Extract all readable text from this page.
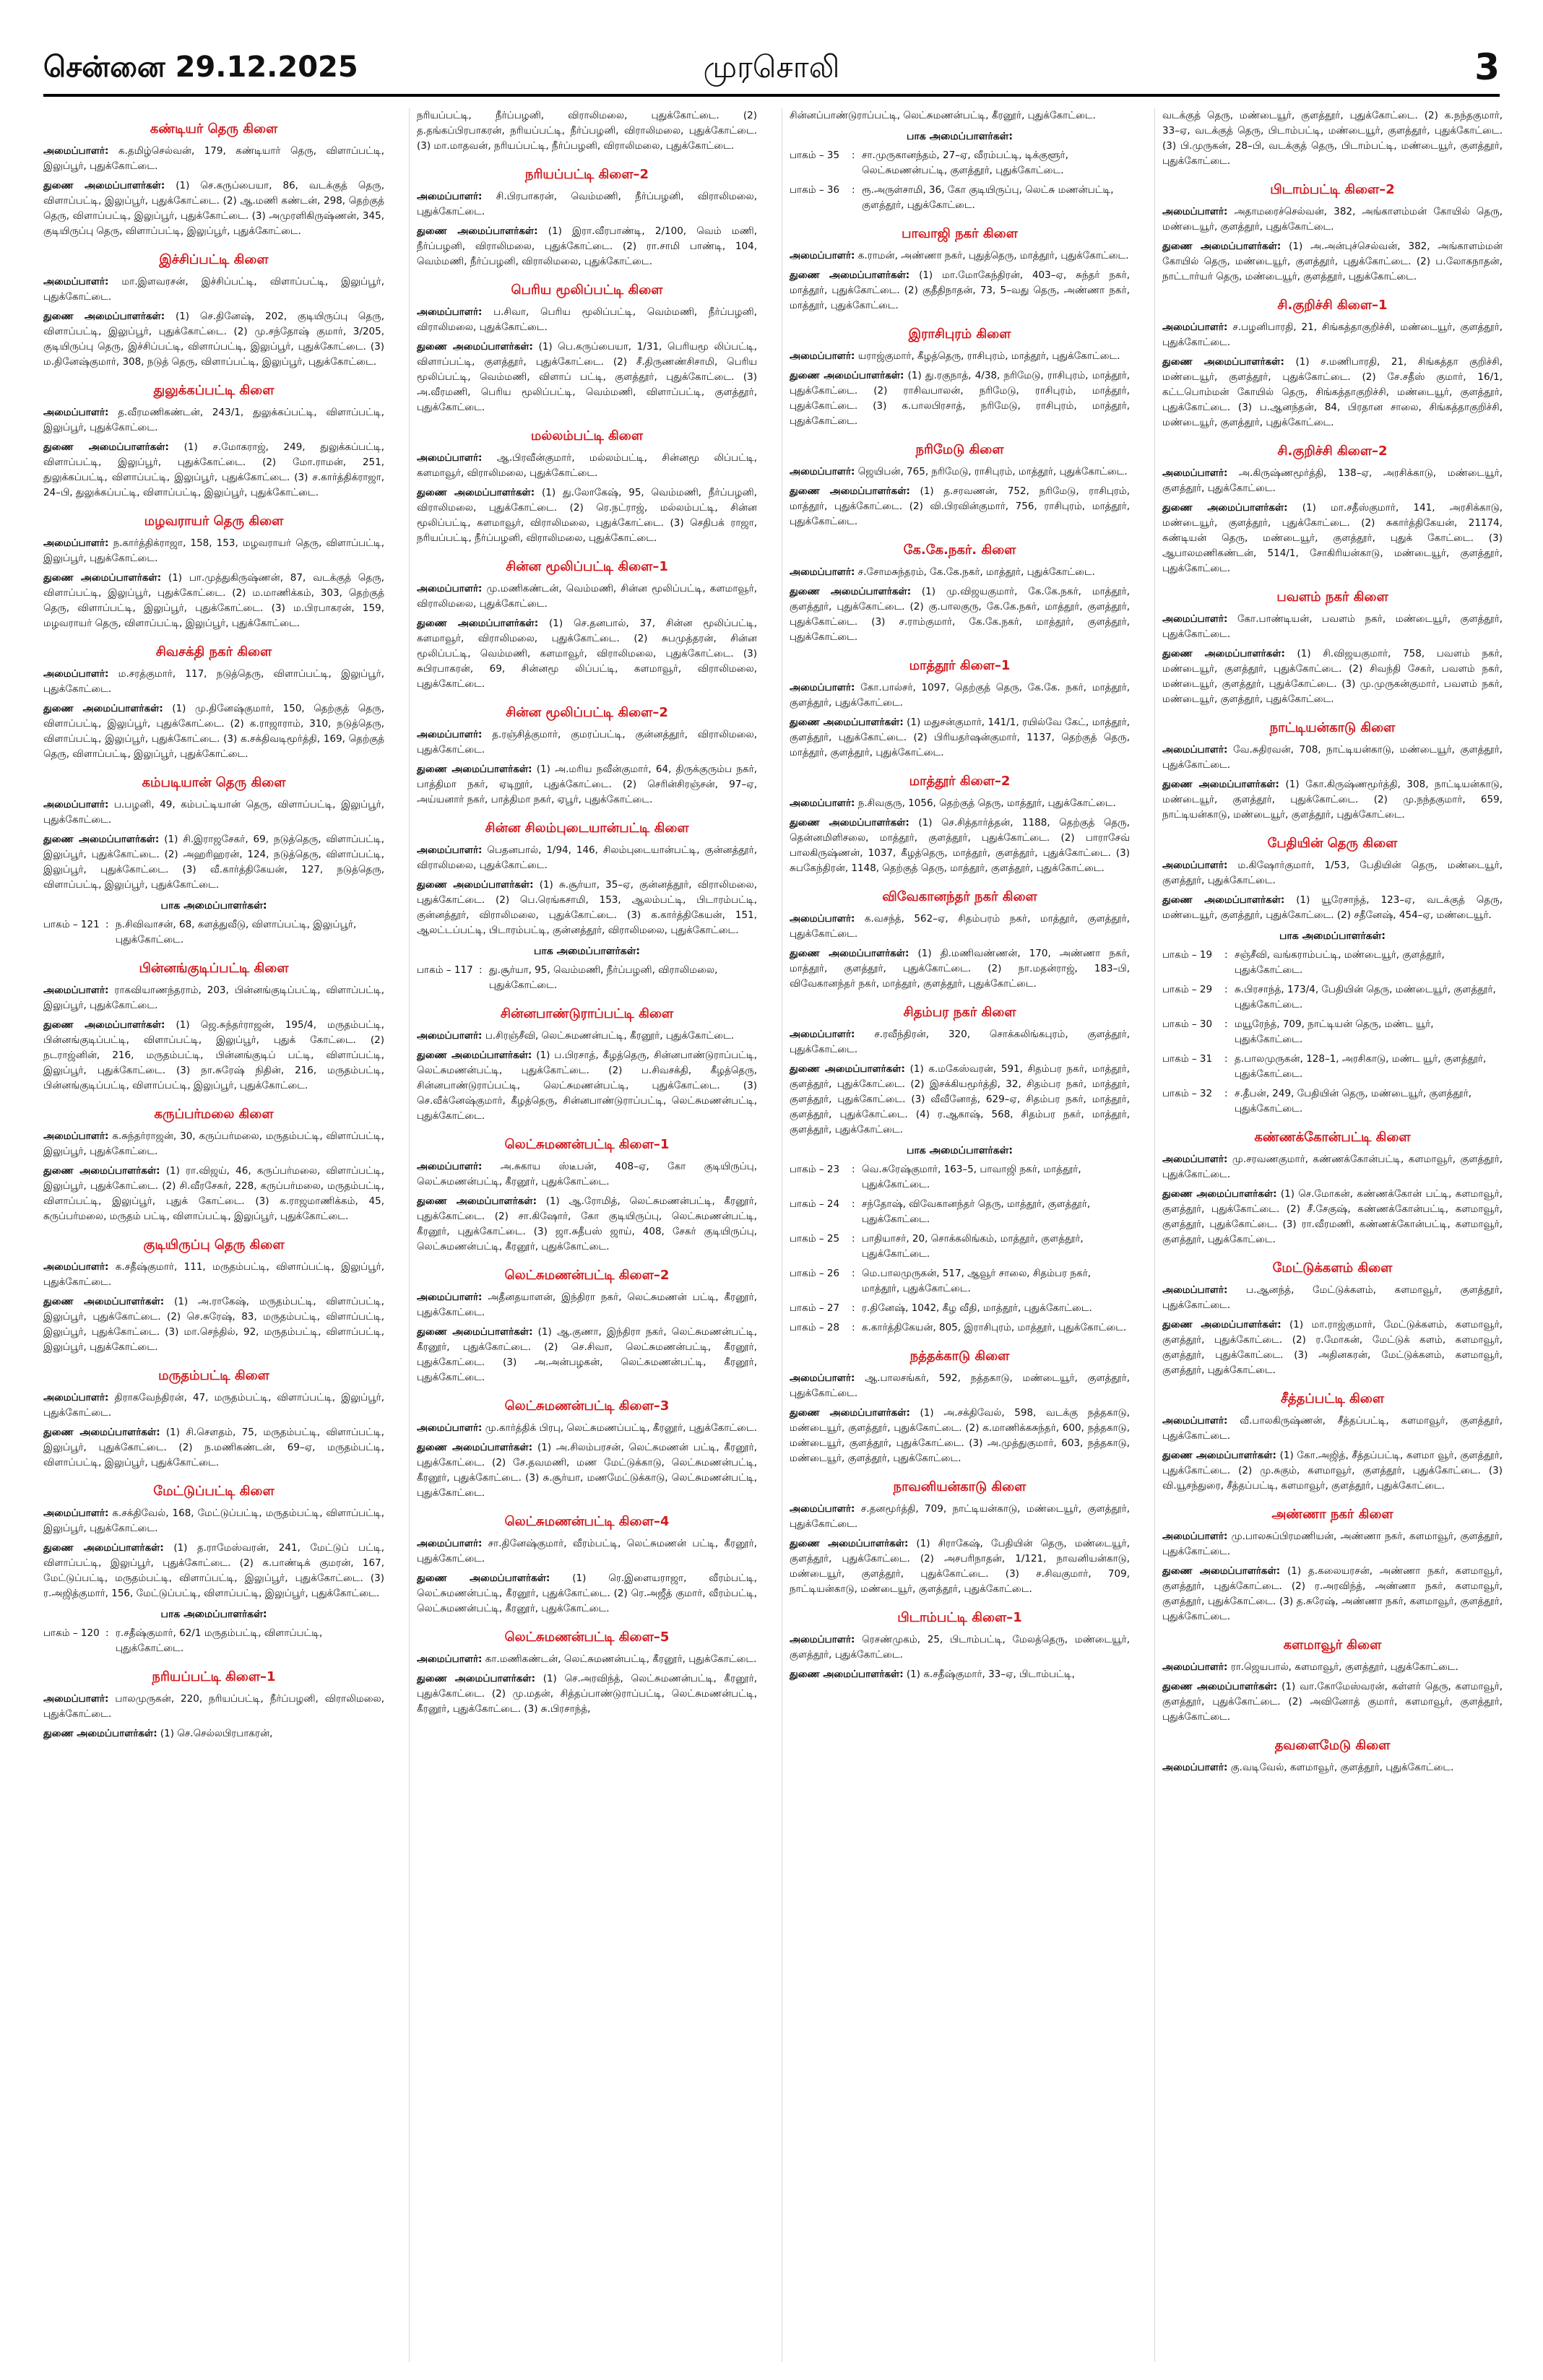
சென்னை 29.12.2025	முரசொலி	3
கண்டியர் தெரு கிளை
அமைப்பாளர்: க.தமிழ்செல்வன், 179, கண்டியார் தெரு, விளாப்பட்டி, இலுப்பூர், புதுக்கோட்டை.
துணை அமைப்பாளர்கள்: (1) செ.கருப்பையா, 86, வடக்குத் தெரு, விளாப்பட்டி, இலுப்பூர், புதுக்கோட்டை. (2) ஆ.மணி கண்டன், 298, தெற்குத் தெரு, விளாப்பட்டி, இலுப்பூர், புதுக்கோட்டை. (3) அமுரளிகிருஷ்ணன், 345, குடியிருப்பு தெரு, விளாப்பட்டி, இலுப்பூர், புதுக்கோட்டை.
இச்சிப்பட்டி கிளை
அமைப்பாளர்: மா.இளவரசன், இச்சிப்பட்டி, விளாப்பட்டி, இலுப்பூர், புதுக்கோட்டை.
துணை அமைப்பாளர்கள்: (1) செ.தினேஷ், 202, குடியிருப்பு தெரு, விளாப்பட்டி, இலுப்பூர், புதுக்கோட்டை. (2) மு.சந்தோஷ் குமார், 3/205, குடியிருப்பு தெரு, இச்சிப்பட்டி, விளாப்பட்டி, இலுப்பூர், புதுக்கோட்டை. (3) ம.தினேஷ்குமார், 308, நடுத் தெரு, விளாப்பட்டி, இலுப்பூர், புதுக்கோட்டை.
துலுக்கப்பட்டி கிளை
அமைப்பாளர்: த.வீரமணிகண்டன், 243/1, துலுக்கப்பட்டி, விளாப்பட்டி, இலுப்பூர், புதுக்கோட்டை.
துணை அமைப்பாளர்கள்: (1) ச.மோகராஜ், 249, துலுக்கப்பட்டி, விளாப்பட்டி, இலுப்பூர், புதுக்கோட்டை. (2) மோ.ராமன், 251, துலுக்கப்பட்டி, விளாப்பட்டி, இலுப்பூர், புதுக்கோட்டை. (3) ச.கார்த்திக்ராஜா, 24–பி, துலுக்கப்பட்டி, விளாப்பட்டி, இலுப்பூர், புதுக்கோட்டை.
மழவராயர் தெரு கிளை
அமைப்பாளர்: ந.கார்த்திக்ராஜா, 158, 153, மழவராயர் தெரு, விளாப்பட்டி, இலுப்பூர், புதுக்கோட்டை.
துணை அமைப்பாளர்கள்: (1) பா.முத்துகிருஷ்ணன், 87, வடக்குத் தெரு, விளாப்பட்டி, இலுப்பூர், புதுக்கோட்டை. (2) ம.மாணிக்கம், 303, தெற்குத் தெரு, விளாப்பட்டி, இலுப்பூர், புதுக்கோட்டை. (3) ம.பிரபாகரன், 159, மழவராயர் தெரு, விளாப்பட்டி, இலுப்பூர், புதுக்கோட்டை.
சிவசக்தி நகர் கிளை
அமைப்பாளர்: ம.சரத்குமார், 117, நடுத்தெரு, விளாப்பட்டி, இலுப்பூர், புதுக்கோட்டை.
துணை அமைப்பாளர்கள்: (1) மு.தினேஷ்குமார், 150, தெற்குத் தெரு, விளாப்பட்டி, இலுப்பூர், புதுக்கோட்டை. (2) க.ராஜாராம், 310, நடுத்தெரு, விளாப்பட்டி, இலுப்பூர், புதுக்கோட்டை. (3) க.சக்திவடிமூர்த்தி, 169, தெற்குத் தெரு, விளாப்பட்டி, இலுப்பூர், புதுக்கோட்டை.
கம்படியான் தெரு கிளை
அமைப்பாளர்: ப.பழனி, 49, கம்பட்டியான் தெரு, விளாப்பட்டி, இலுப்பூர், புதுக்கோட்டை.
துணை அமைப்பாளர்கள்: (1) சி.இராஜசேகர், 69, நடுத்தெரு, விளாப்பட்டி, இலுப்பூர், புதுக்கோட்டை. (2) அஹரிஹரன், 124, நடுத்தெரு, விளாப்பட்டி, இலுப்பூர், புதுக்கோட்டை. (3) வீ.கார்த்திகேயன், 127, நடுத்தெரு, விளாப்பட்டி, இலுப்பூர், புதுக்கோட்டை.
பாக அமைப்பாளர்கள்:
பாகம் – 121 : ந.சிவிவாசன், 68, களத்துவீடு, விளாப்பட்டி, இலுப்பூர், புதுக்கோட்டை.
பின்னங்குடிப்பட்டி கிளை
அமைப்பாளர்: ராகவியாணந்தராம், 203, பின்னங்குடிப்பட்டி, விளாப்பட்டி, இலுப்பூர், புதுக்கோட்டை.
துணை அமைப்பாளர்கள்: (1) ஜெ.சுந்தர்ராஜன், 195/4, மருதம்பட்டி, பின்னங்குடிப்பட்டி, விளாப்பட்டி, இலுப்பூர், புதுக் கோட்டை. (2) நடராஜ்னின், 216, மருதம்பட்டி, பின்னங்குடிப் பட்டி, விளாப்பட்டி, இலுப்பூர், புதுக்கோட்டை. (3) நா.சுரேஷ் நிதின், 216, மருதம்பட்டி, பின்னங்குடிப்பட்டி, விளாப்பட்டி, இலுப்பூர், புதுக்கோட்டை.
கருப்பர்மலை கிளை
அமைப்பாளர்: க.சுந்தர்ராஜன், 30, கருப்பர்மலை, மருதம்பட்டி, விளாப்பட்டி, இலுப்பூர், புதுக்கோட்டை.
துணை அமைப்பாளர்கள்: (1) ரா.விஜய், 46, கருப்பர்மலை, விளாப்பட்டி, இலுப்பூர், புதுக்கோட்டை. (2) சி.வீரசேகர், 228, கருப்பர்மலை, மருதம்பட்டி, விளாப்பட்டி, இலுப்பூர், புதுக் கோட்டை. (3) க.ராஜமாணிக்கம், 45, கருப்பர்மலை, மருதம் பட்டி, விளாப்பட்டி, இலுப்பூர், புதுக்கோட்டை.
குடியிருப்பு தெரு கிளை
அமைப்பாளர்: க.சதீஷ்குமார், 111, மருதம்பட்டி, விளாப்பட்டி, இலுப்பூர், புதுக்கோட்டை.
துணை அமைப்பாளர்கள்: (1) அ.ராகேஷ், மருதம்பட்டி, விளாப்பட்டி, இலுப்பூர், புதுக்கோட்டை. (2) செ.சுரேஷ், 83, மருதம்பட்டி, விளாப்பட்டி, இலுப்பூர், புதுக்கோட்டை. (3) மா.செந்தில், 92, மருதம்பட்டி, விளாப்பட்டி, இலுப்பூர், புதுக்கோட்டை.
மருதம்பட்டி கிளை
அமைப்பாளர்: திராகவேந்திரன், 47, மருதம்பட்டி, விளாப்பட்டி, இலுப்பூர், புதுக்கோட்டை.
துணை அமைப்பாளர்கள்: (1) சி.செளதம், 75, மருதம்பட்டி, விளாப்பட்டி, இலுப்பூர், புதுக்கோட்டை. (2) ந.மணிகண்டன், 69–ஏ, மருதம்பட்டி, விளாப்பட்டி, இலுப்பூர், புதுக்கோட்டை.
மேட்டுப்பட்டி கிளை
அமைப்பாளர்: க.சக்திவேல், 168, மேட்டுப்பட்டி, மருதம்பட்டி, விளாப்பட்டி, இலுப்பூர், புதுக்கோட்டை.
துணை அமைப்பாளர்கள்: (1) த.ராமேஸ்வரன், 241, மேட்டுப் பட்டி, விளாப்பட்டி, இலுப்பூர், புதுக்கோட்டை. (2) க.பாண்டிக் குமரன், 167, மேட்டுப்பட்டி, மருதம்பட்டி, விளாப்பட்டி, இலுப்பூர், புதுக்கோட்டை. (3) ர.அஜித்குமார், 156, மேட்டுப்பட்டி, விளாப்பட்டி, இலுப்பூர், புதுக்கோட்டை.
பாக அமைப்பாளர்கள்:
பாகம் – 120 : ர.சதீஷ்குமார், 62/1 மருதம்பட்டி, விளாப்பட்டி, புதுக்கோட்டை.
நரியப்பட்டி கிளை–1
அமைப்பாளர்: பாலமுருகன், 220, நரியப்பட்டி, நீர்ப்பழனி, விராலிமலை, புதுக்கோட்டை.
துணை அமைப்பாளர்கள்: (1) செ.செல்லபிரபாகரன்,
நரியப்பட்டி, நீர்ப்பழனி, விராலிமலை, புதுக்கோட்டை. (2) த.தங்கப்பிரபாகரன், நரியப்பட்டி, நீர்ப்பழனி, விராலிமலை, புதுக்கோட்டை. (3) மா.மாதவன், நரியப்பட்டி, நீர்ப்பழனி, விராலிமலை, புதுக்கோட்டை.
நரியப்பட்டி கிளை–2
அமைப்பாளர்: சி.பிரபாகரன், வெம்மணி, நீர்ப்பழனி, விராலிமலை, புதுக்கோட்டை.
துணை அமைப்பாளர்கள்: (1) இரா.வீரபாண்டி, 2/100, வெம் மணி, நீர்ப்பழனி, விராலிமலை, புதுக்கோட்டை. (2) ரா.சாமி பாண்டி, 104, வெம்மணி, நீர்ப்பழனி, விராலிமலை, புதுக்கோட்டை.
பெரிய மூலிப்பட்டி கிளை
அமைப்பாளர்: ப.சிவா, பெரிய மூலிப்பட்டி, வெம்மணி, நீர்ப்பழனி, விராலிமலை, புதுக்கோட்டை.
துணை அமைப்பாளர்கள்: (1) பெ.கருப்பையா, 1/31, பெரியமூ லிப்பட்டி, விளாப்பட்டி, குளத்தூர், புதுக்கோட்டை. (2) சீ.திருணண்சிசாமி, பெரிய மூலிப்பட்டி, வெம்மணி, விளாப் பட்டி, குளத்தூர், புதுக்கோட்டை. (3) அ.வீரமணி, பெரிய மூலிப்பட்டி, வெம்மணி, விளாப்பட்டி, குளத்தூர், புதுக்கோட்டை.
மல்லம்பட்டி கிளை
அமைப்பாளர்: ஆ.பிரவீன்குமார், மல்லம்பட்டி, சின்னமூ லிப்பட்டி, களமாவூர், விராலிமலை, புதுக்கோட்டை.
துணை அமைப்பாளர்கள்: (1) து.லோகேஷ், 95, வெம்மணி, நீர்ப்பழனி, விராலிமலை, புதுக்கோட்டை. (2) ரெ.நட்ராஜ், மல்லம்பட்டி, சின்ன மூலிப்பட்டி, களமாவூர், விராலிமலை, புதுக்கோட்டை. (3) செதிபக் ராஜா, நரியப்பட்டி, நீர்ப்பழனி, விராலிமலை, புதுக்கோட்டை.
சின்ன மூலிப்பட்டி கிளை–1
அமைப்பாளர்: மு.மணிகண்டன், வெம்மணி, சின்ன மூலிப்பட்டி, களமாவூர், விராலிமலை, புதுக்கோட்டை.
துணை அமைப்பாளர்கள்: (1) செ.தனபால், 37, சின்ன மூலிப்பட்டி, களமாவூர், விராலிமலை, புதுக்கோட்டை. (2) சுபமுத்தரன், சின்ன மூலிப்பட்டி, வெம்மணி, களமாவூர், விராலிமலை, புதுக்கோட்டை. (3) சுபிரபாகரன், 69, சின்னமூ லிப்பட்டி, களமாவூர், விராலிமலை, புதுக்கோட்டை.
சின்ன மூலிப்பட்டி கிளை–2
அமைப்பாளர்: த.ரஞ்சித்குமார், குமரப்பட்டி, குன்னத்தூர், விராலிமலை, புதுக்கோட்டை.
துணை அமைப்பாளர்கள்: (1) அ.மரிய நவீன்குமார், 64, திருக்குரும்ப நகர், பாத்திமா நகர், ஏடிறூர், புதுக்கோட்டை. (2) செரின்சிரஞ்சன், 97–ஏ, அய்யனார் நகர், பாத்திமா நகர், ஏபூர், புதுக்கோட்டை.
சின்ன சிலம்புடையான்பட்டி கிளை
அமைப்பாளர்: பெதனபால், 1/94, 146, சிலம்புடையான்பட்டி, குன்னத்தூர், விராலிமலை, புதுக்கோட்டை.
துணை அமைப்பாளர்கள்: (1) சு.சூர்யா, 35–ஏ, குன்னத்தூர், விராலிமலை, புதுக்கோட்டை. (2) பெ.ரெங்கசாமி, 153, ஆலம்பட்டி, பிடாரம்பட்டி, குன்னத்தூர், விராலிமலை, புதுக்கோட்டை. (3) க.கார்த்திகேயன், 151, ஆலட்டப்பட்டி, பிடாரம்பட்டி, குன்னத்தூர், விராலிமலை, புதுக்கோட்டை.
பாக அமைப்பாளர்கள்:
பாகம் – 117 : து.சூர்யா, 95, வெம்மணி, நீர்ப்பழனி, விராலிமலை, புதுக்கோட்டை.
சின்னபாண்டுராப்பட்டி கிளை
அமைப்பாளர்: ப.சிரஞ்சீவி, லெட்சுமணன்பட்டி, கீரனூர், புதுக்கோட்டை.
துணை அமைப்பாளர்கள்: (1) ப.பிரசாத், கீழத்தெரு, சின்னபாண்டுராப்பட்டி, லெட்சுமணன்பட்டி, புதுக்கோட்டை. (2) ப.சிவசக்தி, கீழத்தெரு, சின்னபாண்டுராப்பட்டி, லெட்சுமணன்பட்டி, புதுக்கோட்டை. (3) செ.வீக்னேஷ்குமார், கீழத்தெரு, சின்னபாண்டுராப்பட்டி, லெட்சுமணன்பட்டி, புதுக்கோட்டை.
லெட்சுமணன்பட்டி கிளை–1
அமைப்பாளர்: அ.சுகாய ஸ்டீபன், 408–ஏ, கோ குடியிருப்பு, லெட்சுமணன்பட்டி, கீரனூர், புதுக்கோட்டை.
துணை அமைப்பாளர்கள்: (1) ஆ.ரோமித், லெட்சுமணன்பட்டி, கீரனூர், புதுக்கோட்டை. (2) சா.கிஷோர், கோ குடியிருப்பு, லெட்சுமணன்பட்டி, கீரனூர், புதுக்கோட்டை. (3) ஜா.சுதீபஸ் ஜாய், 408, சேகர் குடியிருப்பு, லெட்சுமணன்பட்டி, கீரனூர், புதுக்கோட்டை.
லெட்சுமணன்பட்டி கிளை–2
அமைப்பாளர்: அதீனதயாளன், இந்திரா நகர், லெட்சுமணன் பட்டி, கீரனூர், புதுக்கோட்டை.
துணை அமைப்பாளர்கள்: (1) ஆ.குணா, இந்திரா நகர், லெட்சுமணன்பட்டி, கீரனூர், புதுக்கோட்டை. (2) செ.சிவா, லெட்சுமணன்பட்டி, கீரனூர், புதுக்கோட்டை. (3) அ.அன்பழகன், லெட்சுமணன்பட்டி, கீரனூர், புதுக்கோட்டை.
லெட்சுமணன்பட்டி கிளை–3
அமைப்பாளர்: மு.கார்த்திக் பிரபு, லெட்சுமணப்பட்டி, கீரனூர், புதுக்கோட்டை.
துணை அமைப்பாளர்கள்: (1) அ.சிலம்பரசன், லெட்சுமணன் பட்டி, கீரனூர், புதுக்கோட்டை. (2) சே.தவமணி, மண மேட்டுக்காடு, லெட்சுமணன்பட்டி, கீரனூர், புதுக்கோட்டை. (3) சு.சூர்யா, மணமேட்டுக்காடு, லெட்சுமணன்பட்டி, புதுக்கோட்டை.
லெட்சுமணன்பட்டி கிளை–4
அமைப்பாளர்: சா.தினேஷ்குமார், வீரம்பட்டி, லெட்சுமணன் பட்டி, கீரனூர், புதுக்கோட்டை.
துணை அமைப்பாளர்கள்: (1) ரெ.இளையராஜா, வீரம்பட்டி, லெட்சுமணன்பட்டி, கீரனூர், புதுக்கோட்டை. (2) ரெ.அஜீத் குமார், வீரம்பட்டி, லெட்சுமணன்பட்டி, கீரனூர், புதுக்கோட்டை.
லெட்சுமணன்பட்டி கிளை–5
அமைப்பாளர்: கா.மணிகண்டன், லெட்சுமணன்பட்டி, கீரனூர், புதுக்கோட்டை.
துணை அமைப்பாளர்கள்: (1) செ.அரவிந்த், லெட்சுமணன்பட்டி, கீரனூர், புதுக்கோட்டை. (2) மு.மதன், சித்தப்பாண்டுராப்பட்டி, லெட்சுமணன்பட்டி, கீரனூர், புதுக்கோட்டை. (3) சு.பிரசாந்த்,
சின்னப்பாண்டுராப்பட்டி, லெட்சுமணன்பட்டி, கீரனூர், புதுக்கோட்டை.
பாக அமைப்பாளர்கள்:
பாகம் – 35	: சா.முருகானந்தம், 27–ஏ, வீரம்பட்டி, டிக்குளூர், லெட்சுமணன்பட்டி, குளத்தூர், புதுக்கோட்டை.
பாகம் – 36	: ரூ.அருள்சாமி, 36, கோ குடியிருப்பு, லெட்சு மணன்பட்டி, குளத்தூர், புதுக்கோட்டை.
பாவாஜி நகர் கிளை
அமைப்பாளர்: க.ராமன், அண்ணா நகர், புதுத்தெரு, மாத்தூர், புதுக்கோட்டை.
துணை அமைப்பாளர்கள்: (1) மா.மோகேந்திரன், 403–ஏ, சுந்தர் நகர், மாத்தூர், புதுக்கோட்டை. (2) குதீதிநாதன், 73, 5–வது தெரு, அண்ணா நகர், மாத்தூர், புதுக்கோட்டை.
இராசிபுரம் கிளை
அமைப்பாளர்: யராஜ்குமார், கீழத்தெரு, ராசிபுரம், மாத்தூர், புதுக்கோட்டை.
துணை அமைப்பாளர்கள்: (1) து.ரகுநாத், 4/38, நரிமேடு, ராசிபுரம், மாத்தூர், புதுக்கோட்டை. (2) ராசிவபாலன், நரிமேடு, ராசிபுரம், மாத்தூர், புதுக்கோட்டை. (3) க.பாலபிரசாத், நரிமேடு, ராசிபுரம், மாத்தூர், புதுக்கோட்டை.
நரிமேடு கிளை
அமைப்பாளர்: ஜெயிபன், 765, நரிமேடு, ராசிபுரம், மாத்தூர், புதுக்கோட்டை.
துணை அமைப்பாளர்கள்: (1) த.சரவணன், 752, நரிமேடு, ராசிபுரம், மாத்தூர், புதுக்கோட்டை. (2) வி.பிரவின்குமார், 756, ராசிபுரம், மாத்தூர், புதுக்கோட்டை.
கே.கே.நகர். கிளை
அமைப்பாளர்: ச.சோமசுந்தரம், கே.கே.நகர், மாத்தூர், புதுக்கோட்டை.
துணை அமைப்பாளர்கள்: (1) மு.விஜயகுமார், கே.கே.நகர், மாத்தூர், குளத்தூர், புதுக்கோட்டை. (2) கு.பாலகுரு, கே.கே.நகர், மாத்தூர், குளத்தூர், புதுக்கோட்டை. (3) ச.ராம்குமார், கே.கே.நகர், மாத்தூர், குளத்தூர், புதுக்கோட்டை.
மாத்தூர் கிளை–1
அமைப்பாளர்: கோ.பால்சர், 1097, தெற்குத் தெரு, கே.கே. நகர், மாத்தூர், குளத்தூர், புதுக்கோட்டை.
துணை அமைப்பாளர்கள்: (1) மதுசன்குமார், 141/1, ரயில்வே கேட், மாத்தூர், குளத்தூர், புதுக்கோட்டை. (2) பிரியதர்ஷன்குமார், 1137, தெற்குத் தெரு, மாத்தூர், குளத்தூர், புதுக்கோட்டை.
மாத்தூர் கிளை–2
அமைப்பாளர்: ந.சிவகுரு, 1056, தெற்குத் தெரு, மாத்தூர், புதுக்கோட்டை.
துணை அமைப்பாளர்கள்: (1) செ.சித்தார்த்தன், 1188, தெற்குத் தெரு, தென்னமிளிசலை, மாத்தூர், குளத்தூர், புதுக்கோட்டை. (2) பாராசேவ் பாலகிருஷ்ணன், 1037, கீழத்தெரு, மாத்தூர், குளத்தூர், புதுக்கோட்டை. (3) சுபகேந்திரன், 1148, தெற்குத் தெரு, மாத்தூர், குளத்தூர், புதுக்கோட்டை.
விவேகானந்தர் நகர் கிளை
அமைப்பாளர்: க.வசந்த், 562–ஏ, சிதம்பரம் நகர், மாத்தூர், குளத்தூர், புதுக்கோட்டை.
துணை அமைப்பாளர்கள்: (1) தி.மணிவண்ணன், 170, அண்ணா நகர், மாத்தூர், குளத்தூர், புதுக்கோட்டை. (2) நா.மதன்ராஜ், 183–பி, விவேகானந்தர் நகர், மாத்தூர், குளத்தூர், புதுக்கோட்டை.
சிதம்பர நகர் கிளை
அமைப்பாளர்: ச.ரவீந்திரன், 320, சொக்கலிங்கபுரம், குளத்தூர், புதுக்கோட்டை.
துணை அமைப்பாளர்கள்: (1) க.மகேஸ்வரன், 591, சிதம்பர நகர், மாத்தூர், குளத்தூர், புதுக்கோட்டை. (2) இசக்கியமூர்த்தி, 32, சிதம்பர நகர், மாத்தூர், குளத்தூர், புதுக்கோட்டை. (3) வீவீனோத், 629–ஏ, சிதம்பர நகர், மாத்தூர், குளத்தூர், புதுக்கோட்டை. (4) ர.ஆகாஷ், 568, சிதம்பர நகர், மாத்தூர், குளத்தூர், புதுக்கோட்டை.
பாக அமைப்பாளர்கள்:
பாகம் – 23	: வெ.சுரேஷ்குமார், 163–5, பாவாஜி நகர், மாத்தூர், புதுக்கோட்டை.
பாகம் – 24	: சந்தோஷ், விவேகானந்தர் தெரு, மாத்தூர், குளத்தூர், புதுக்கோட்டை.
பாகம் – 25	: பாதியாசர், 20, சொக்கலிங்கம், மாத்தூர், குளத்தூர், புதுக்கோட்டை.
பாகம் – 26	: மெ.பாலமுருகன், 517, ஆவூர் சாலை, சிதம்பர நகர், மாத்தூர், புதுக்கோட்டை.
பாகம் – 27	: ர.தினேஷ், 1042, கீழ வீதி, மாத்தூர், புதுக்கோட்டை.
பாகம் – 28	: க.கார்த்திகேயன், 805, இராசிபுரம், மாத்தூர், புதுக்கோட்டை.
நத்தக்காடு கிளை
அமைப்பாளர்: ஆ.பாலசங்கர், 592, நத்தகாடு, மண்டையூர், குளத்தூர், புதுக்கோட்டை.
துணை அமைப்பாளர்கள்: (1) அ.சக்திவேல், 598, வடக்கு நத்தகாடு, மண்டையூர், குளத்தூர், புதுக்கோட்டை. (2) க.மாணிக்கசுந்தர், 600, நத்தகாடு, மண்டையூர், குளத்தூர், புதுக்கோட்டை. (3) அ.முத்துகுமார், 603, நத்தகாடு, மண்டையூர், குளத்தூர், புதுக்கோட்டை.
நாவனியன்காடு கிளை
அமைப்பாளர்: ச.தனமூர்த்தி, 709, நாட்டியன்காடு, மண்டையூர், குளத்தூர், புதுக்கோட்டை.
துணை அமைப்பாளர்கள்: (1) சிராகேஷ், பேதியின் தெரு, மண்டையூர், குளத்தூர், புதுக்கோட்டை. (2) அசபரிநாதன், 1/121, நாவனியன்காடு, மண்டையூர், குளத்தூர், புதுக்கோட்டை. (3) ச.சிவகுமார், 709, நாட்டியன்காடு, மண்டையூர், குளத்தூர், புதுக்கோட்டை.
பிடாம்பட்டி கிளை–1
அமைப்பாளர்: ரெசண்முகம், 25, பிடாம்பட்டி, மேலத்தெரு, மண்டையூர், குளத்தூர், புதுக்கோட்டை.
துணை அமைப்பாளர்கள்: (1) க.சதீஷ்குமார், 33–ஏ, பிடாம்பட்டி,
வடக்குத் தெரு, மண்டையூர், குளத்தூர், புதுக்கோட்டை. (2) க.நந்தகுமார், 33–ஏ, வடக்குத் தெரு, பிடாம்பட்டி, மண்டையூர், குளத்தூர், புதுக்கோட்டை. (3) பி.முருகன், 28–பி, வடக்குத் தெரு, பிடாம்பட்டி, மண்டையூர், குளத்தூர், புதுக்கோட்டை.
பிடாம்பட்டி கிளை–2
அமைப்பாளர்: அதாமரைச்செல்வன், 382, அங்காளம்மன் கோயில் தெரு, மண்டையூர், குளத்தூர், புதுக்கோட்டை.
துணை அமைப்பாளர்கள்: (1) அ.அன்புச்செல்வன், 382, அங்காளம்மன் கோயில் தெரு, மண்டையூர், குளத்தூர், புதுக்கோட்டை. (2) ப.லோகநாதன், நாட்டார்யர் தெரு, மண்டையூர், குளத்தூர், புதுக்கோட்டை.
சி.குறிச்சி கிளை–1
அமைப்பாளர்: ச.பழனிபாரதி, 21, சிங்கத்தாகுறிச்சி, மண்டையூர், குளத்தூர், புதுக்கோட்டை.
துணை அமைப்பாளர்கள்: (1) ச.மணிபாரதி, 21, சிங்கத்தா குறிச்சி, மண்டையூர், குளத்தூர், புதுக்கோட்டை. (2) சே.சதீஸ் குமார், 16/1, கட்டபொம்மன் கோயில் தெரு, சிங்கத்தாகுறிச்சி, மண்டையூர், குளத்தூர், புதுக்கோட்டை. (3) ப.ஆனந்தன், 84, பிரதான சாலை, சிங்கத்தாகுறிச்சி, மண்டையூர், குளத்தூர், புதுக்கோட்டை.
சி.குறிச்சி கிளை–2
அமைப்பாளர்: அ.கிருஷ்ணமூர்த்தி, 138–ஏ, அரசிக்காடு, மண்டையூர், குளத்தூர், புதுக்கோட்டை.
துணை அமைப்பாளர்கள்: (1) மா.சதீஸ்குமார், 141, அரசிக்காடு, மண்டையூர், குளத்தூர், புதுக்கோட்டை. (2) சுகார்த்திகேயன், 21174, கண்டியன் தெரு, மண்டையூர், குளத்தூர், புதுக் கோட்டை. (3) ஆபாலமணிகண்டன், 514/1, சோகிரியன்காடு, மண்டையூர், குளத்தூர், புதுக்கோட்டை.
பவளம் நகர் கிளை
அமைப்பாளர்: கோ.பாண்டியன், பவளம் நகர், மண்டையூர், குளத்தூர், புதுக்கோட்டை.
துணை அமைப்பாளர்கள்: (1) சி.விஜயகுமார், 758, பவளம் நகர், மண்டையூர், குளத்தூர், புதுக்கோட்டை. (2) சிவந்தி சேகர், பவளம் நகர், மண்டையூர், குளத்தூர், புதுக்கோட்டை. (3) மு.முருகன்குமார், பவளம் நகர், மண்டையூர், குளத்தூர், புதுக்கோட்டை.
நாட்டியன்காடு கிளை
அமைப்பாளர்: வே.சுதிரவன், 708, நாட்டியன்காடு, மண்டையூர், குளத்தூர், புதுக்கோட்டை.
துணை அமைப்பாளர்கள்: (1) கோ.கிருஷ்ணமூர்த்தி, 308, நாட்டியன்காடு, மண்டையூர், குளத்தூர், புதுக்கோட்டை. (2) மு.நந்தகுமார், 659, நாட்டியன்காடு, மண்டையூர், குளத்தூர், புதுக்கோட்டை.
பேதியின் தெரு கிளை
அமைப்பாளர்: ம.கிஷோர்குமார், 1/53, பேதியின் தெரு, மண்டையூர், குளத்தூர், புதுக்கோட்டை.
துணை அமைப்பாளர்கள்: (1) யூரேசாந்த், 123–ஏ, வடக்குத் தெரு, மண்டையூர், குளத்தூர், புதுக்கோட்டை. (2) சதீனேஷ், 454–ஏ, மண்டையூர்.
பாக அமைப்பாளர்கள்:
பாகம் – 19	: சஞ்சீவி, வங்கராம்பட்டி, மண்டையூர், குளத்தூர், புதுக்கோட்டை.
பாகம் – 29	: சு.பிரசாந்த், 173/4, பேதியின் தெரு, மண்டையூர், குளத்தூர், புதுக்கோட்டை.
பாகம் – 30	: மயூரேந்த், 709, நாட்டியன் தெரு, மண்ட யூர், புதுக்கோட்டை.
பாகம் – 31	: த.பாலமுருகன், 128–1, அரசிகாடு, மண்ட யூர், குளத்தூர், புதுக்கோட்டை.
பாகம் – 32	: ச.தீபன், 249, பேதியின் தெரு, மண்டையூர், குளத்தூர், புதுக்கோட்டை.
கண்ணக்கோன்பட்டி கிளை
அமைப்பாளர்: மு.சரவணகுமார், கண்ணக்கோன்பட்டி, களமாவூர், குளத்தூர், புதுக்கோட்டை.
துணை அமைப்பாளர்கள்: (1) செ.மோகன், கண்ணக்கோன் பட்டி, களமாவூர், குளத்தூர், புதுக்கோட்டை. (2) சீ.சேகுஷ், கண்ணக்கோன்பட்டி, களமாவூர், குளத்தூர், புதுக்கோட்டை. (3) ரா.வீரமணி, கண்ணக்கோன்பட்டி, களமாவூர், குளத்தூர், புதுக்கோட்டை.
மேட்டுக்களம் கிளை
அமைப்பாளர்: ப.ஆனந்த், மேட்டுக்களம், களமாவூர், குளத்தூர், புதுக்கோட்டை.
துணை அமைப்பாளர்கள்: (1) மா.ராஜ்குமார், மேட்டுக்களம், களமாவூர், குளத்தூர், புதுக்கோட்டை. (2) ர.மோகன், மேட்டுக் களம், களமாவூர், குளத்தூர், புதுக்கோட்டை. (3) அதினகரன், மேட்டுக்களம், களமாவூர், குளத்தூர், புதுக்கோட்டை.
சீத்தப்பட்டி கிளை
அமைப்பாளர்: வீ.பாலகிருஷ்ணன், சீத்தப்பட்டி, களமாவூர், குளத்தூர், புதுக்கோட்டை.
துணை அமைப்பாளர்கள்: (1) கோ.அஜித், சீத்தப்பட்டி, களமா வூர், குளத்தூர், புதுக்கோட்டை. (2) மு.சுகும், களமாவூர், குளத்தூர், புதுக்கோட்டை. (3) வி.யூசந்துரை, சீத்தப்பட்டி, களமாவூர், குளத்தூர், புதுக்கோட்டை.
அண்ணா நகர் கிளை
அமைப்பாளர்: மு.பாலசுப்பிரமணியன், அண்ணா நகர், களமாவூர், குளத்தூர், புதுக்கோட்டை.
துணை அமைப்பாளர்கள்: (1) த.கலையரசன், அண்ணா நகர், களமாவூர், குளத்தூர், புதுக்கோட்டை. (2) ர.அரவிந்த், அண்ணா நகர், களமாவூர், குளத்தூர், புதுக்கோட்டை. (3) த.சுரேஷ், அண்ணா நகர், களமாவூர், குளத்தூர், புதுக்கோட்டை.
களமாவூர் கிளை
அமைப்பாளர்: ரா.ஜெயபால், களமாவூர், குளத்தூர், புதுக்கோட்டை.
துணை அமைப்பாளர்கள்: (1) வா.கோமேஸ்வரன், கள்ளர் தெரு, களமாவூர், குளத்தூர், புதுக்கோட்டை. (2) அவினோத் குமார், களமாவூர், குளத்தூர், புதுக்கோட்டை.
தவளைமேடு கிளை
அமைப்பாளர்: கு.வடிவேல், களமாவூர், குளத்தூர், புதுக்கோட்டை.
